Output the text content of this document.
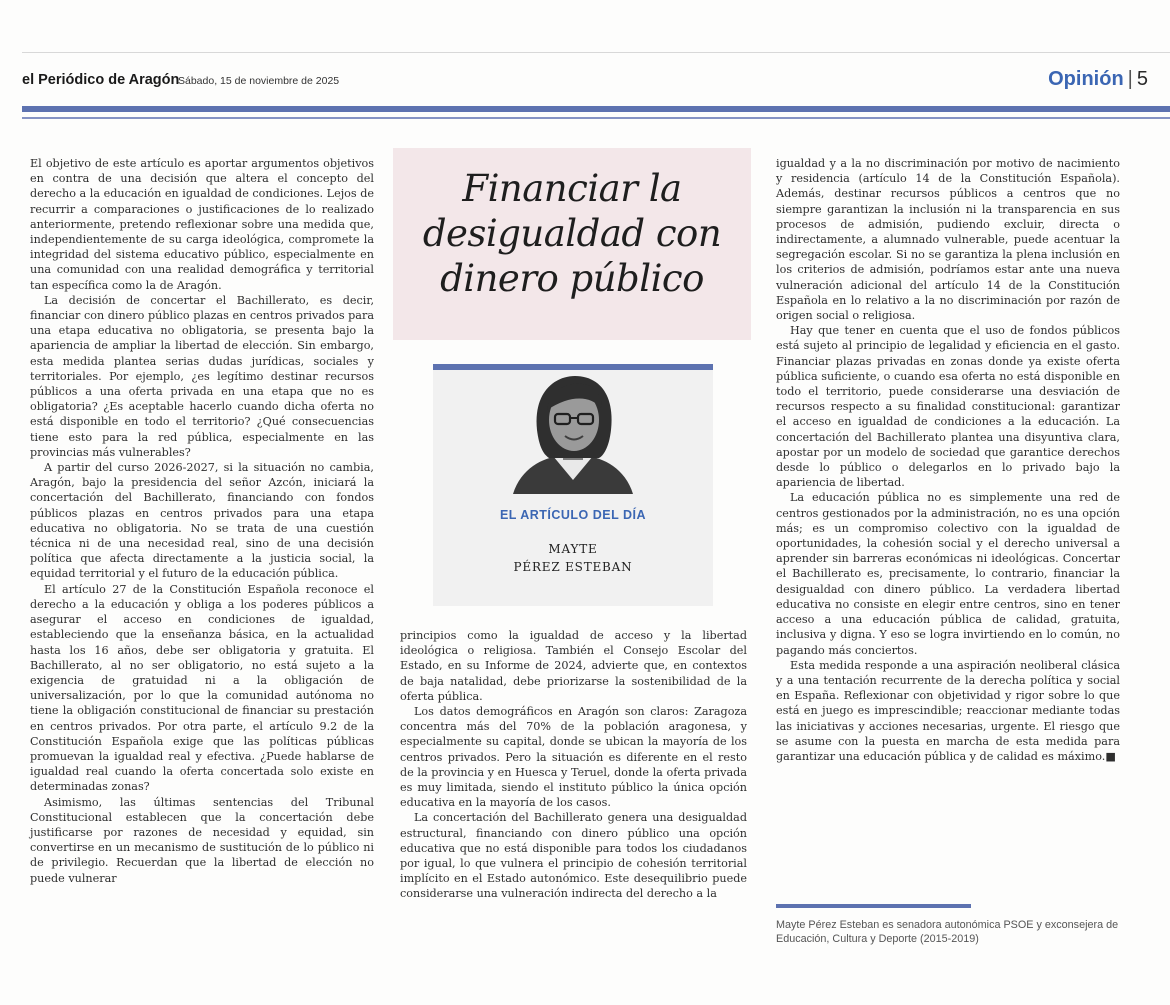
el Periódico de Aragón
Sábado, 15 de noviembre de 2025	Opinión | 5

El objetivo de este artículo es aportar argumentos objetivos en contra de una decisión que altera el concepto del derecho a la educación en igualdad de condiciones. Lejos de recurrir a comparaciones o justificaciones de lo realizado anteriormente, pretendo reflexionar sobre una medida que, independientemente de su carga ideológica, compromete la integridad del sistema educativo público, especialmente en una comunidad con una realidad demográfica y territorial tan específica como la de Aragón.

La decisión de concertar el Bachillerato, es decir, financiar con dinero público plazas en centros privados para una etapa educativa no obligatoria, se presenta bajo la apariencia de ampliar la libertad de elección. Sin embargo, esta medida plantea serias dudas jurídicas, sociales y territoriales. Por ejemplo, ¿es legítimo destinar recursos públicos a una oferta privada en una etapa que no es obligatoria? ¿Es aceptable hacerlo cuando dicha oferta no está disponible en todo el territorio? ¿Qué consecuencias tiene esto para la red pública, especialmente en las provincias más vulnerables?

A partir del curso 2026-2027, si la situación no cambia, Aragón, bajo la presidencia del señor Azcón, iniciará la concertación del Bachillerato, financiando con fondos públicos plazas en centros privados para una etapa educativa no obligatoria. No se trata de una cuestión técnica ni de una necesidad real, sino de una decisión política que afecta directamente a la justicia social, la equidad territorial y el futuro de la educación pública.

El artículo 27 de la Constitución Española reconoce el derecho a la educación y obliga a los poderes públicos a asegurar el acceso en condiciones de igualdad, estableciendo que la enseñanza básica, en la actualidad hasta los 16 años, debe ser obligatoria y gratuita. El Bachillerato, al no ser obligatorio, no está sujeto a la exigencia de gratuidad ni a la obligación de universalización, por lo que la comunidad autónoma no tiene la obligación constitucional de financiar su prestación en centros privados. Por otra parte, el artículo 9.2 de la Constitución Española exige que las políticas públicas promuevan la igualdad real y efectiva. ¿Puede hablarse de igualdad real cuando la oferta concertada solo existe en determinadas zonas?

Asimismo, las últimas sentencias del Tribunal Constitucional establecen que la concertación debe justificarse por razones de necesidad y equidad, sin convertirse en un mecanismo de sustitución de lo público ni de privilegio. Recuerdan que la libertad de elección no puede vulnerar

Financiar la desigualdad con dinero público
EL ARTÍCULO DEL DÍA
MAYTE
PÉREZ ESTEBAN

principios como la igualdad de acceso y la libertad ideológica o religiosa. También el Consejo Escolar del Estado, en su Informe de 2024, advierte que, en contextos de baja natalidad, debe priorizarse la sostenibilidad de la oferta pública.

Los datos demográficos en Aragón son claros: Zaragoza concentra más del 70% de la población aragonesa, y especialmente su capital, donde se ubican la mayoría de los centros privados. Pero la situación es diferente en el resto de la provincia y en Huesca y Teruel, donde la oferta privada es muy limitada, siendo el instituto público la única opción educativa en la mayoría de los casos.

La concertación del Bachillerato genera una desigualdad estructural, financiando con dinero público una opción educativa que no está disponible para todos los ciudadanos por igual, lo que vulnera el principio de cohesión territorial implícito en el Estado autonómico. Este desequilibrio puede considerarse una vulneración indirecta del derecho a la

igualdad y a la no discriminación por motivo de nacimiento y residencia (artículo 14 de la Constitución Española). Además, destinar recursos públicos a centros que no siempre garantizan la inclusión ni la transparencia en sus procesos de admisión, pudiendo excluir, directa o indirectamente, a alumnado vulnerable, puede acentuar la segregación escolar. Si no se garantiza la plena inclusión en los criterios de admisión, podríamos estar ante una nueva vulneración adicional del artículo 14 de la Constitución Española en lo relativo a la no discriminación por razón de origen social o religiosa.

Hay que tener en cuenta que el uso de fondos públicos está sujeto al principio de legalidad y eficiencia en el gasto. Financiar plazas privadas en zonas donde ya existe oferta pública suficiente, o cuando esa oferta no está disponible en todo el territorio, puede considerarse una desviación de recursos respecto a su finalidad constitucional: garantizar el acceso en igualdad de condiciones a la educación. La concertación del Bachillerato plantea una disyuntiva clara, apostar por un modelo de sociedad que garantice derechos desde lo público o delegarlos en lo privado bajo la apariencia de libertad.

La educación pública no es simplemente una red de centros gestionados por la administración, no es una opción más; es un compromiso colectivo con la igualdad de oportunidades, la cohesión social y el derecho universal a aprender sin barreras económicas ni ideológicas. Concertar el Bachillerato es, precisamente, lo contrario, financiar la desigualdad con dinero público. La verdadera libertad educativa no consiste en elegir entre centros, sino en tener acceso a una educación pública de calidad, gratuita, inclusiva y digna. Y eso se logra invirtiendo en lo común, no pagando más conciertos.

Esta medida responde a una aspiración neoliberal clásica y a una tentación recurrente de la derecha política y social en España. Reflexionar con objetividad y rigor sobre lo que está en juego es imprescindible; reaccionar mediante todas las iniciativas y acciones necesarias, urgente. El riesgo que se asume con la puesta en marcha de esta medida para garantizar una educación pública y de calidad es máximo.■

Mayte Pérez Esteban es senadora autonómica PSOE y exconsejera de Educación, Cultura y Deporte (2015-2019)
